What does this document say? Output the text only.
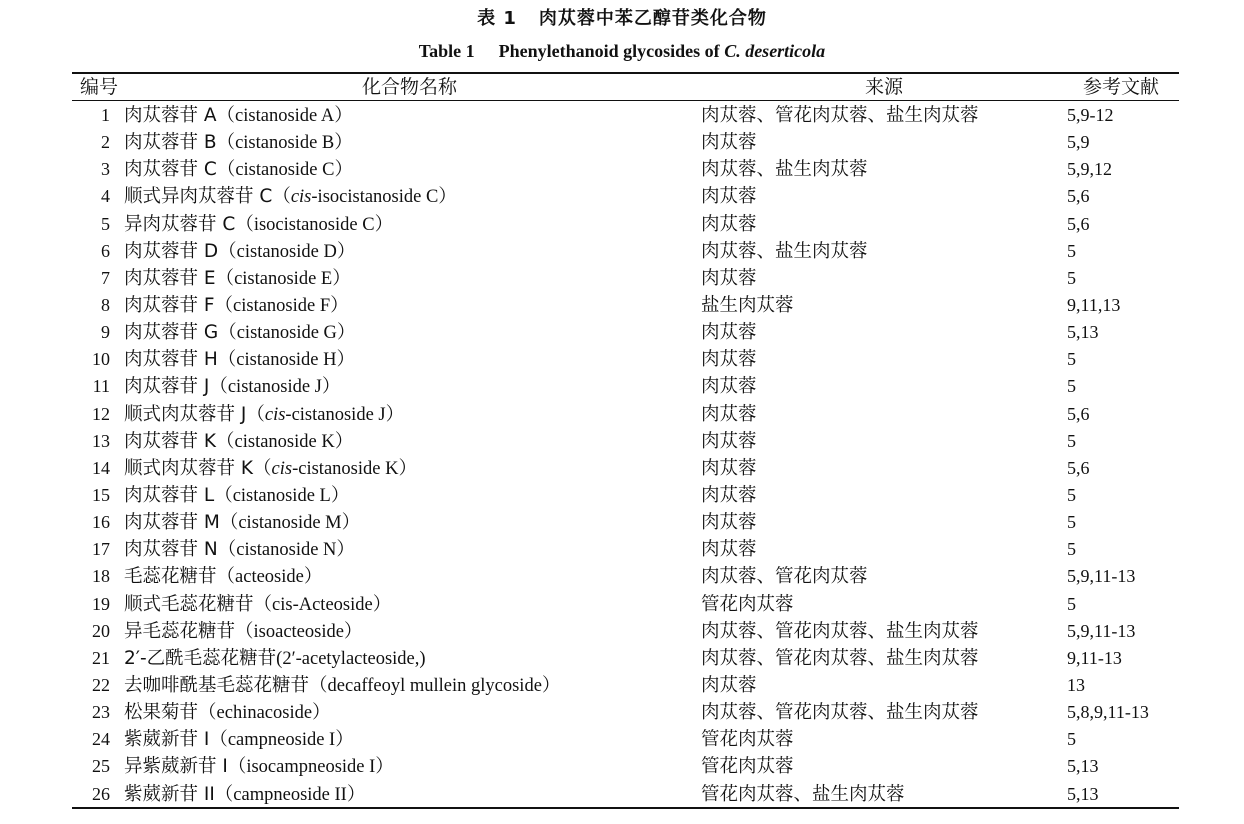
表 1 肉苁蓉中苯乙醇苷类化合物
Table 1 Phenylethanoid glycosides of C. deserticola
编号	化合物名称	来源	参考文献
1 肉苁蓉苷 A（cistanoside A）	肉苁蓉、管花肉苁蓉、盐生肉苁蓉	5,9-12
2 肉苁蓉苷 B（cistanoside B）	肉苁蓉	5,9
3 肉苁蓉苷 C（cistanoside C）	肉苁蓉、盐生肉苁蓉	5,9,12
4 顺式异肉苁蓉苷 C（cis-isocistanoside C）	肉苁蓉	5,6
5 异肉苁蓉苷 C（isocistanoside C）	肉苁蓉	5,6
6 肉苁蓉苷 D（cistanoside D）	肉苁蓉、盐生肉苁蓉	5
7 肉苁蓉苷 E（cistanoside E）	肉苁蓉	5
8 肉苁蓉苷 F（cistanoside F）	盐生肉苁蓉	9,11,13
9 肉苁蓉苷 G（cistanoside G）	肉苁蓉	5,13
10 肉苁蓉苷 H（cistanoside H）	肉苁蓉	5
11 肉苁蓉苷 J（cistanoside J）	肉苁蓉	5
12 顺式肉苁蓉苷 J（cis-cistanoside J）	肉苁蓉	5,6
13 肉苁蓉苷 K（cistanoside K）	肉苁蓉	5
14 顺式肉苁蓉苷 K（cis-cistanoside K）	肉苁蓉	5,6
15 肉苁蓉苷 L（cistanoside L）	肉苁蓉	5
16 肉苁蓉苷 M（cistanoside M）	肉苁蓉	5
17 肉苁蓉苷 N（cistanoside N）	肉苁蓉	5
18 毛蕊花糖苷（acteoside）	肉苁蓉、管花肉苁蓉	5,9,11-13
19 顺式毛蕊花糖苷（cis-Acteoside）	管花肉苁蓉	5
20 异毛蕊花糖苷（isoacteoside）	肉苁蓉、管花肉苁蓉、盐生肉苁蓉	5,9,11-13
21 2′-乙酰毛蕊花糖苷(2′-acetylacteoside,)	肉苁蓉、管花肉苁蓉、盐生肉苁蓉	9,11-13
22 去咖啡酰基毛蕊花糖苷（decaffeoyl mullein glycoside）	肉苁蓉	13
23 松果菊苷（echinacoside）	肉苁蓉、管花肉苁蓉、盐生肉苁蓉	5,8,9,11-13
24 紫葳新苷 I（campneoside I）	管花肉苁蓉	5
25 异紫葳新苷 I（isocampneoside I）	管花肉苁蓉	5,13
26 紫葳新苷 II（campneoside II）	管花肉苁蓉、盐生肉苁蓉	5,13
